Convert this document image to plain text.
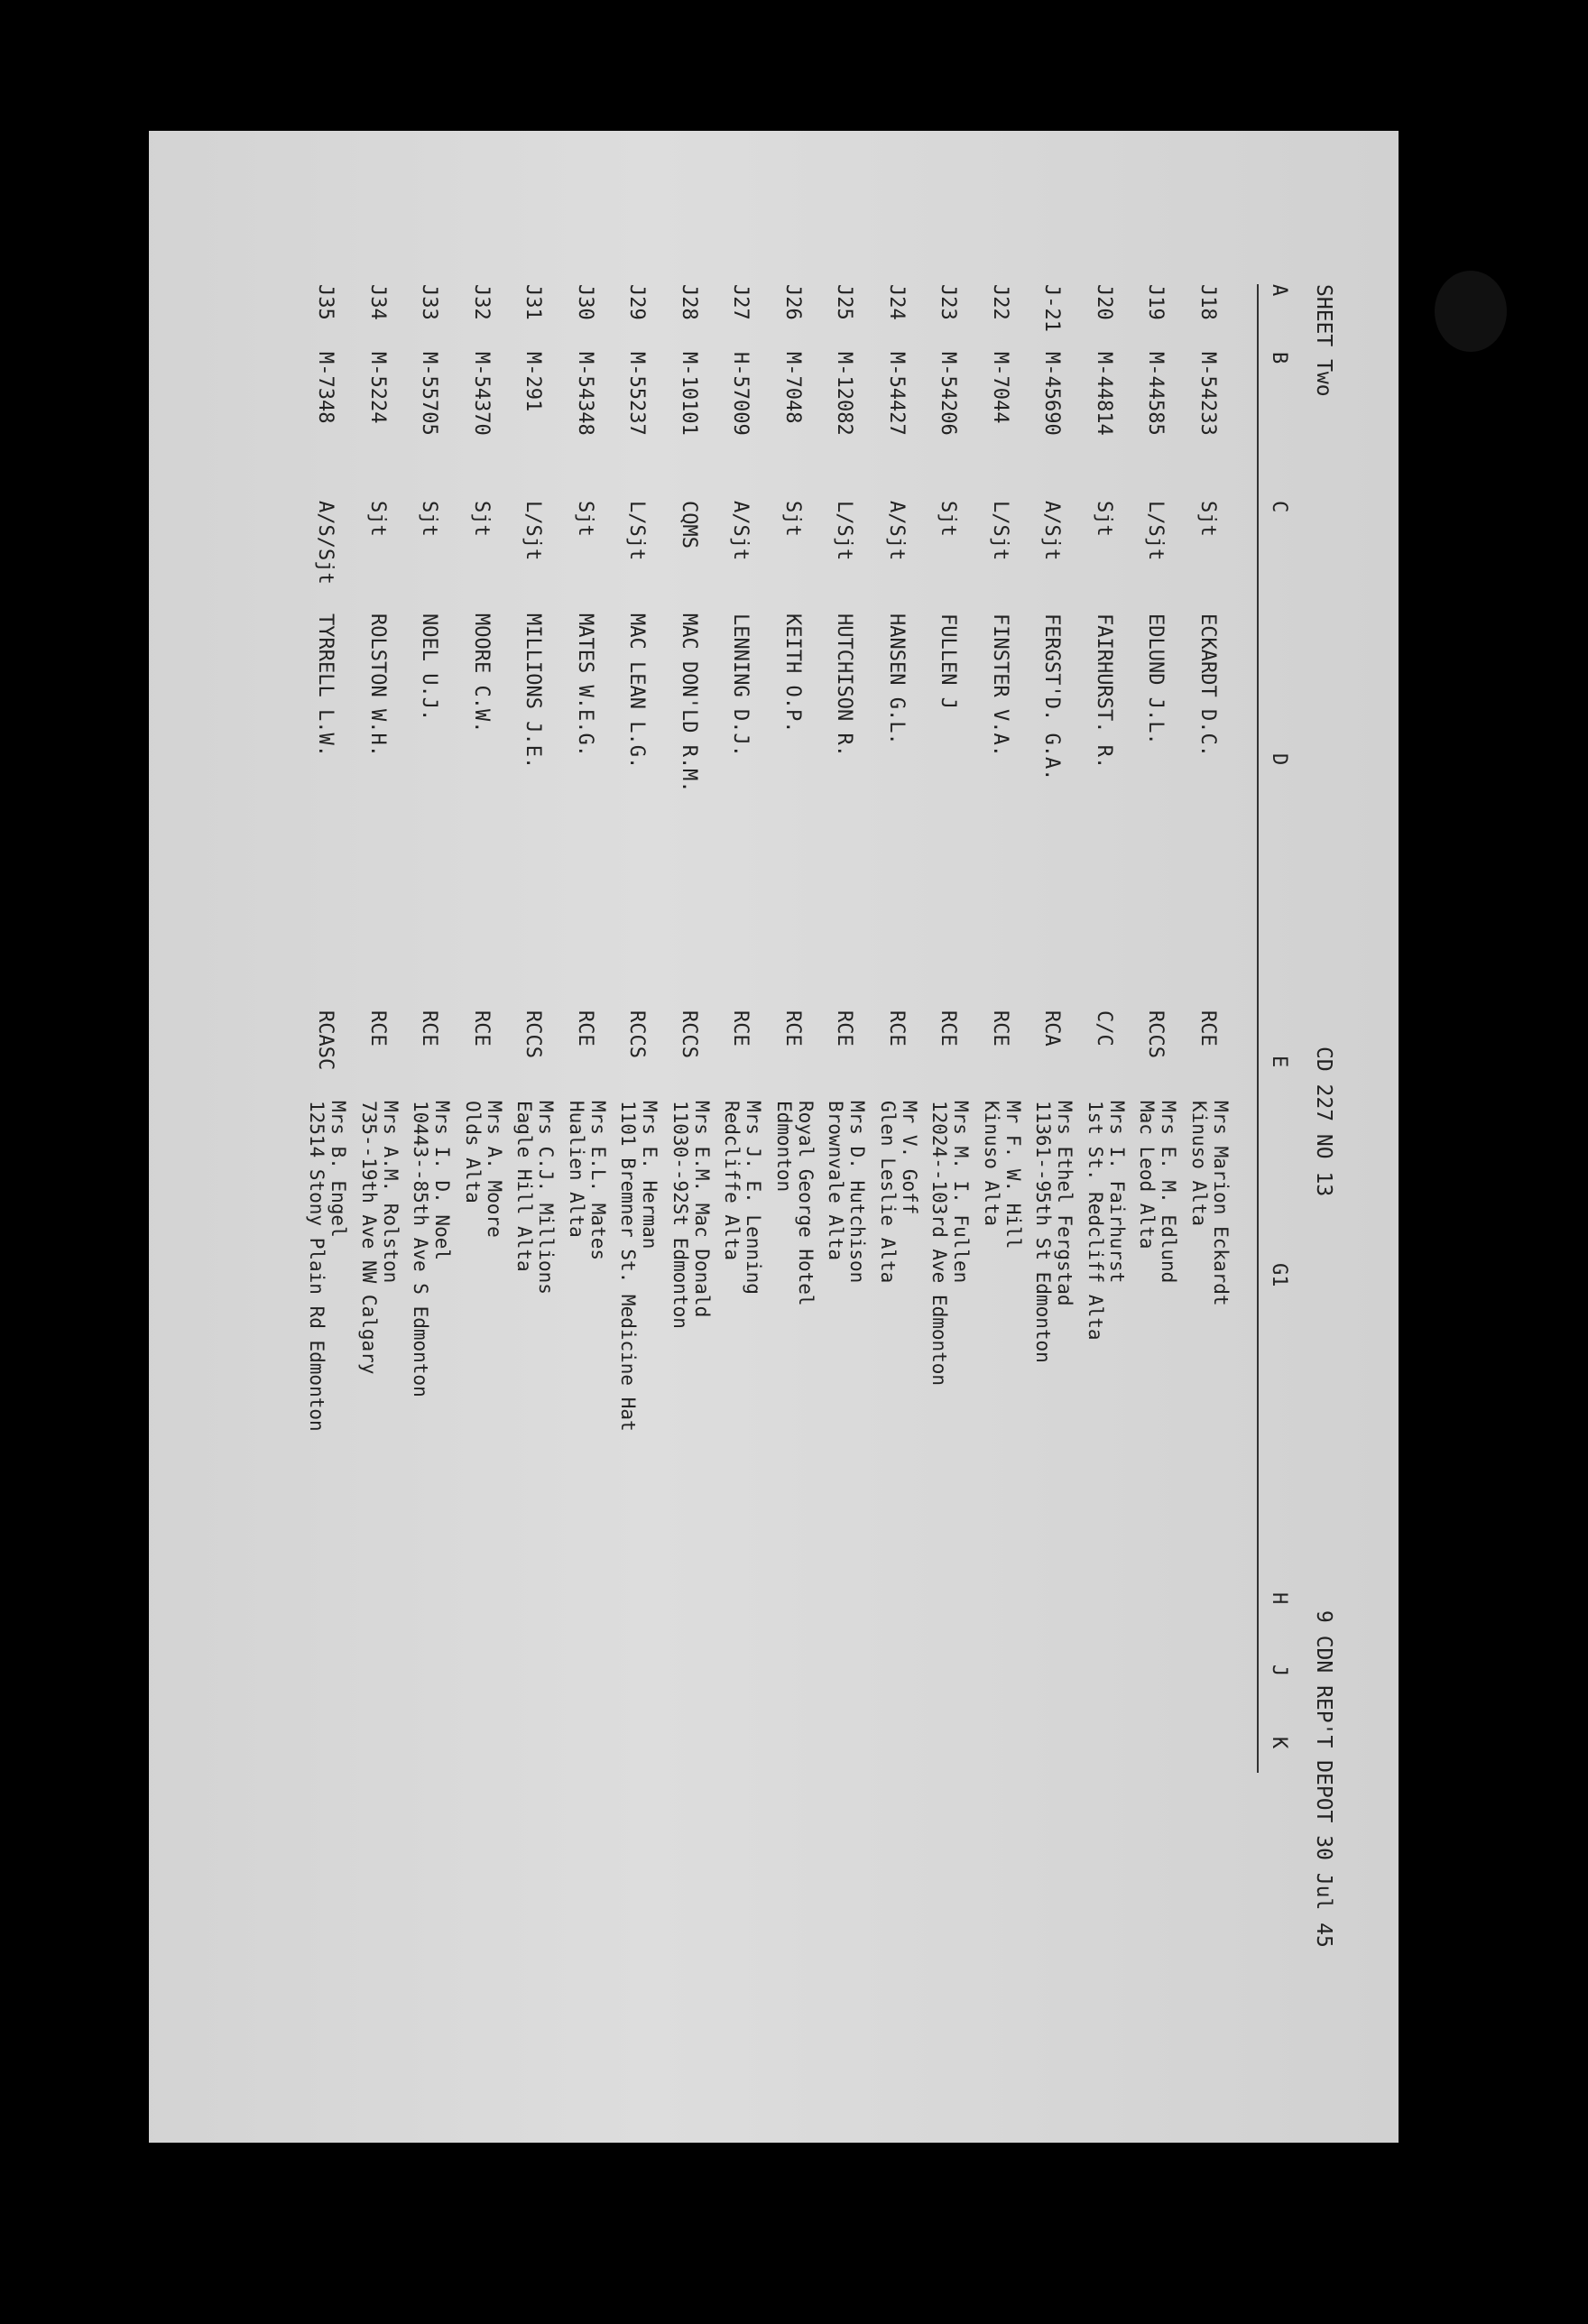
SHEET Two
CD 227 NO 13
9 CDN REP'T DEPOT 30 Jul 45
A
B
C
D
E
G1
H
J
K
J18
M-54233
Sjt
ECKARDT D.C.
RCE
Mrs Marion Eckardt
Kinuso Alta
J19
M-44585
L/Sjt
EDLUND J.L.
RCCS
Mrs E. M. Edlund
Mac Leod Alta
J20
M-44814
Sjt
FAIRHURST. R.
C/C
Mrs I. Fairhurst
1st St. Redcliff Alta
J-21
M-45690
A/Sjt
FERGST'D. G.A.
RCA
Mrs Ethel Fergstad
11361--95th St Edmonton
J22
M-7044
L/Sjt
FINSTER V.A.
RCE
Mr F. W. Hill
Kinuso Alta
J23
M-54206
Sjt
FULLEN J
RCE
Mrs M. I. Fullen
12024--103rd Ave Edmonton
J24
M-54427
A/Sjt
HANSEN G.L.
RCE
Mr V. Goff
Glen Leslie Alta
J25
M-12082
L/Sjt
HUTCHISON R.
RCE
Mrs D. Hutchison
Brownvale Alta
J26
M-7048
Sjt
KEITH O.P.
RCE
Royal George Hotel
Edmonton
J27
H-57009
A/Sjt
LENNING D.J.
RCE
Mrs J. E. Lenning
Redcliffe Alta
J28
M-10101
CQMS
MAC DON'LD R.M.
RCCS
Mrs E.M. Mac Donald
11030--92St Edmonton
J29
M-55237
L/Sjt
MAC LEAN L.G.
RCCS
Mrs E. Herman
1101 Bremner St. Medicine Hat
J30
M-54348
Sjt
MATES W.E.G.
RCE
Mrs E.L. Mates
Hualien Alta
J31
M-291
L/Sjt
MILLIONS J.E.
RCCS
Mrs C.J. Millions
Eagle Hill Alta
J32
M-54370
Sjt
MOORE C.W.
RCE
Mrs A. Moore
Olds Alta
J33
M-55705
Sjt
NOEL U.J.
RCE
Mrs I. D. Noel
10443--85th Ave S Edmonton
J34
M-5224
Sjt
ROLSTON W.H.
RCE
Mrs A.M. Rolston
735--19th Ave NW Calgary
J35
M-7348
A/S/Sjt
TYRRELL L.W.
RCASC
Mrs B. Engel
12514 Stony Plain Rd Edmonton
